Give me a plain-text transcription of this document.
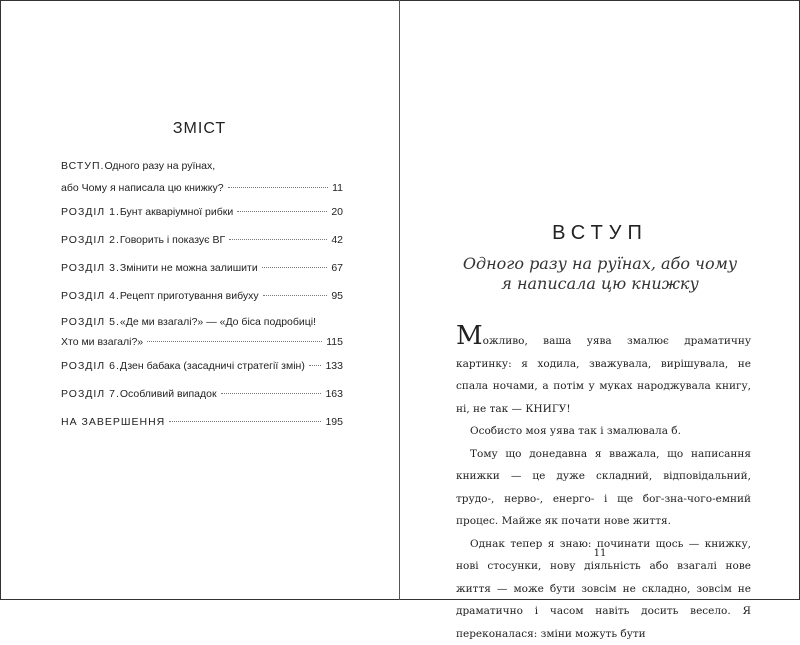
ЗМІСТ
ВСТУП. Одного разу на руїнах,
або Чому я написала цю книжку?	11
РОЗДІЛ 1. Бунт акваріумної рибки	20
РОЗДІЛ 2. Говорить і показує ВГ	42
РОЗДІЛ 3. Змінити не можна залишити	67
РОЗДІЛ 4. Рецепт приготування вибуху	95
РОЗДІЛ 5. «Де ми взагалі?» — «До біса подробиці!
Хто ми взагалі?»	115
РОЗДІЛ 6. Дзен бабака (засадничі стратегії змін) 133
РОЗДІЛ 7. Особливий випадок	163
НА ЗАВЕРШЕННЯ	195
ВСТУП
Одного разу на руїнах, або чому
я написала цю книжку

Можливо, ваша уява змалює драматичну картинку: я ходила, зважувала, вирішувала, не спала ночами, а потім у муках народжувала книгу, ні, не так — КНИГУ!

Особисто моя уява так і змалювала б.

Тому що донедавна я вважала, що написання книжки — це дуже складний, відповідальний, трудо-, нерво-, енерго- і ще бог-зна-чого-емний процес. Майже як почати нове життя.

Однак тепер я знаю: починати щось — книжку, нові стосунки, нову діяльність або взагалі нове життя — може бути зовсім не складно, зовсім не драматично і часом навіть досить весело. Я переконалася: зміни можуть бути

11
